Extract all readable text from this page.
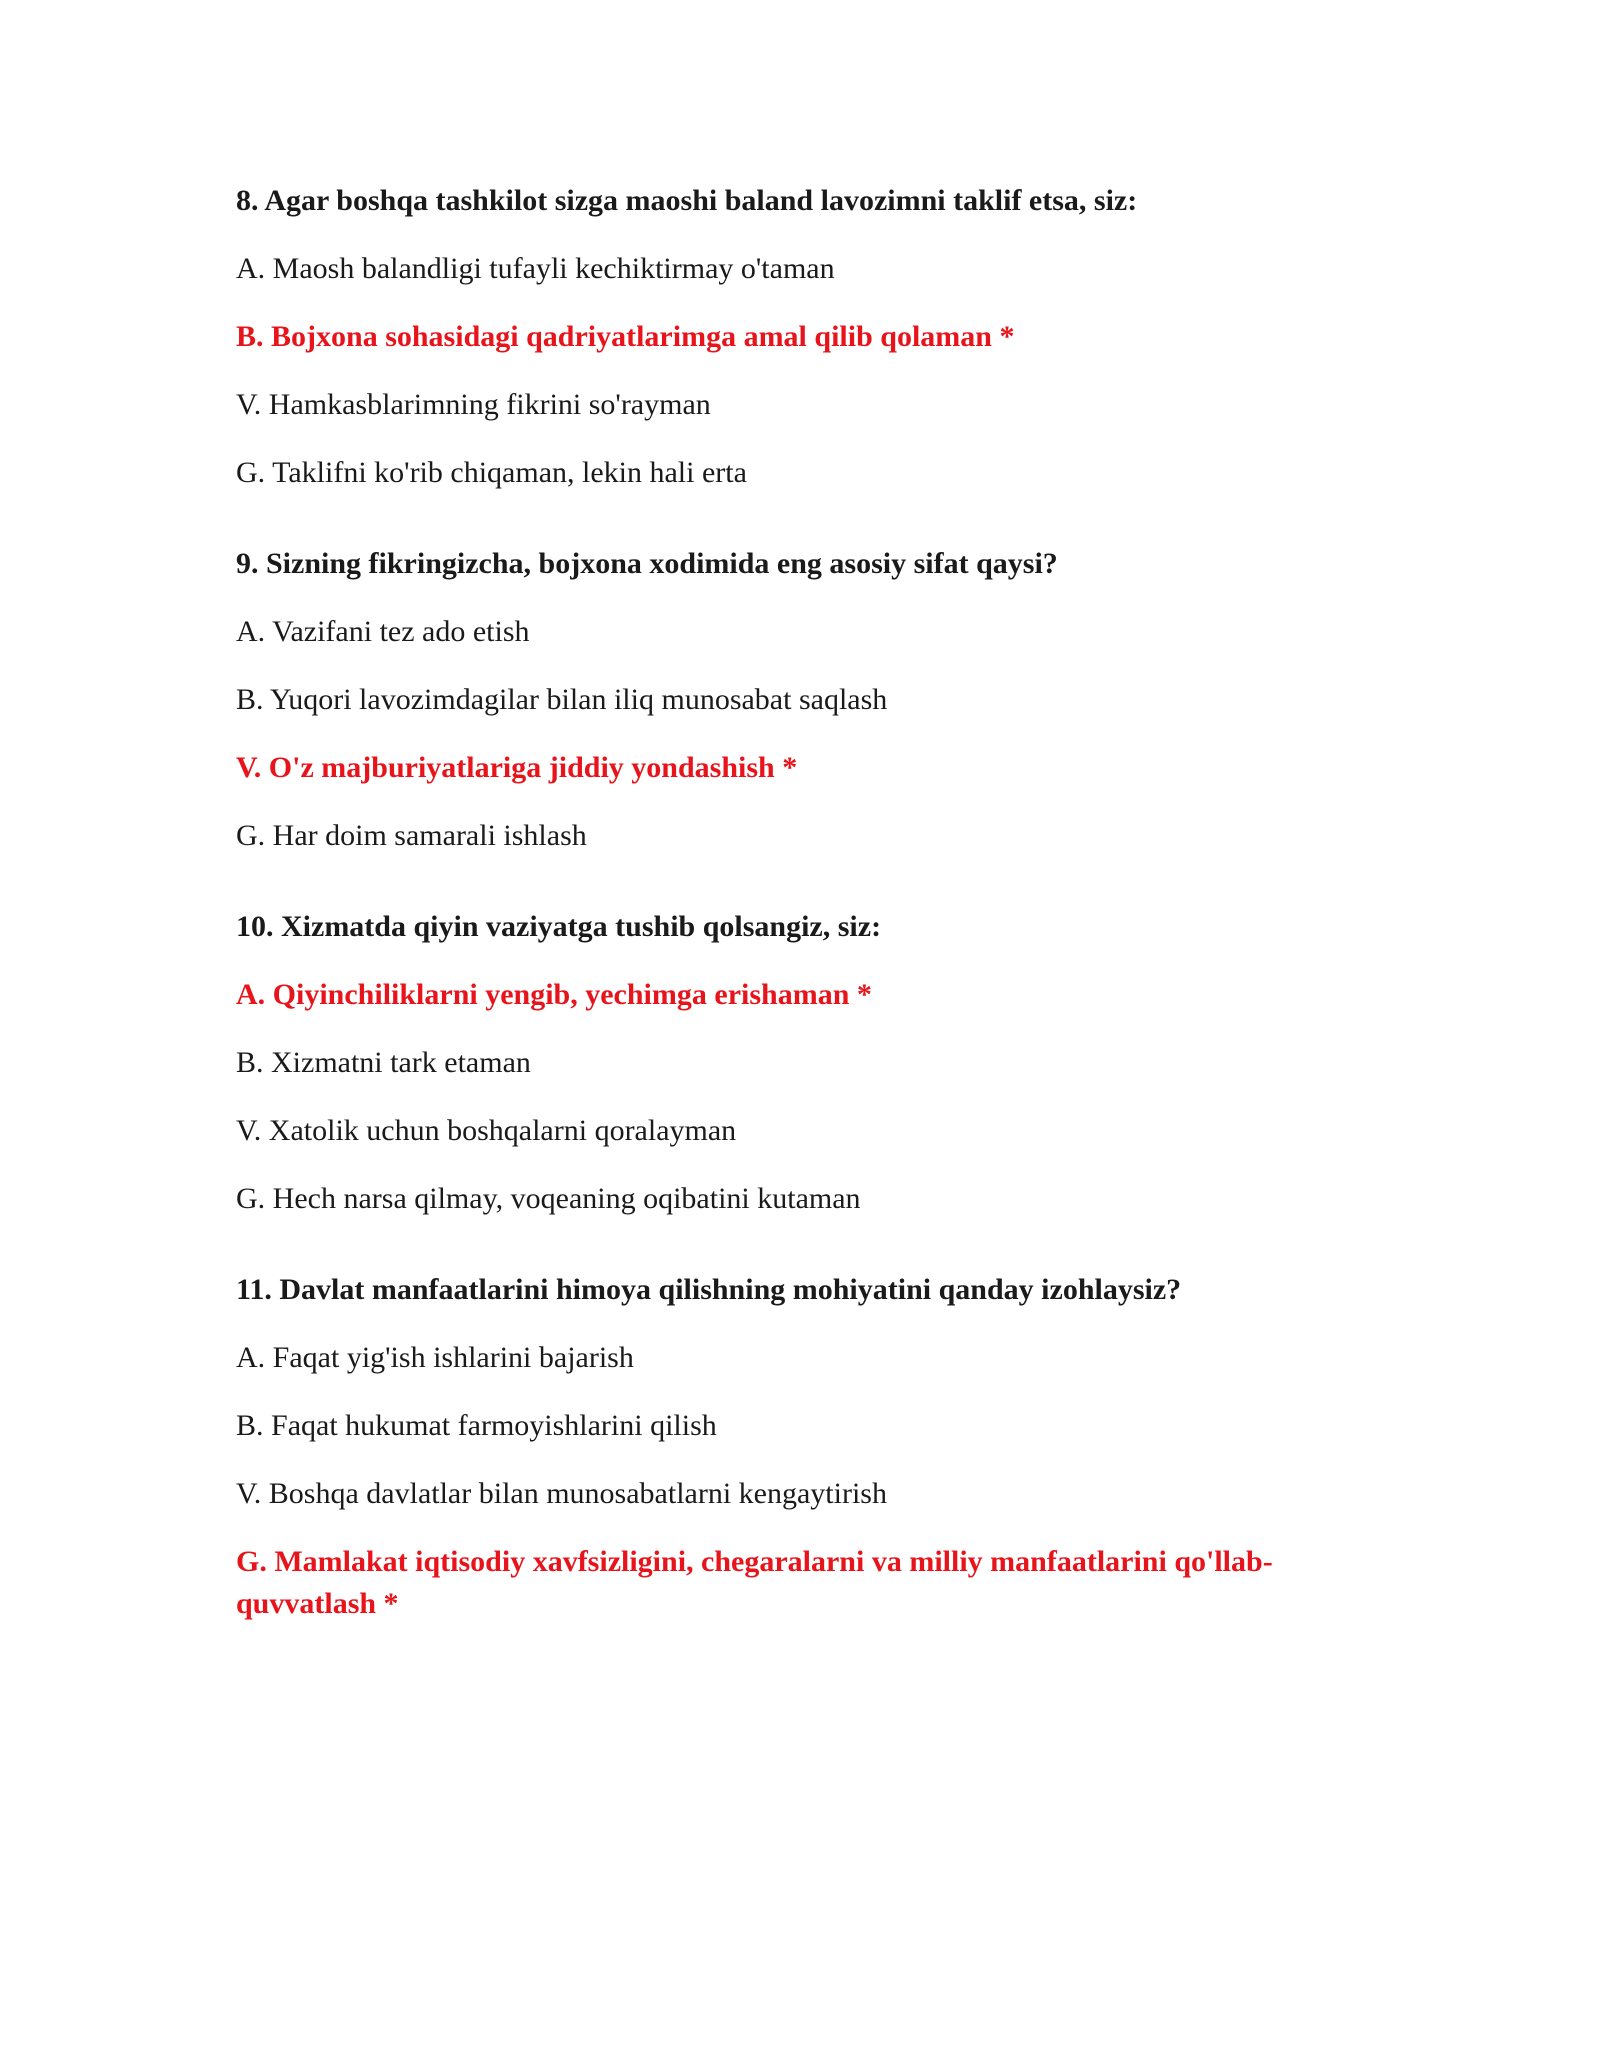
8. Agar boshqa tashkilot sizga maoshi baland lavozimni taklif etsa, siz:

A. Maosh balandligi tufayli kechiktirmay o'taman

B. Bojxona sohasidagi qadriyatlarimga amal qilib qolaman *

V. Hamkasblarimning fikrini so'rayman

G. Taklifni ko'rib chiqaman, lekin hali erta

9. Sizning fikringizcha, bojxona xodimida eng asosiy sifat qaysi?

A. Vazifani tez ado etish

B. Yuqori lavozimdagilar bilan iliq munosabat saqlash

V. O'z majburiyatlariga jiddiy yondashish *

G. Har doim samarali ishlash

10. Xizmatda qiyin vaziyatga tushib qolsangiz, siz:

A. Qiyinchiliklarni yengib, yechimga erishaman *

B. Xizmatni tark etaman

V. Xatolik uchun boshqalarni qoralayman

G. Hech narsa qilmay, voqeaning oqibatini kutaman

11. Davlat manfaatlarini himoya qilishning mohiyatini qanday izohlaysiz?

A. Faqat yig'ish ishlarini bajarish

B. Faqat hukumat farmoyishlarini qilish

V. Boshqa davlatlar bilan munosabatlarni kengaytirish

G. Mamlakat iqtisodiy xavfsizligini, chegaralarni va milliy manfaatlarini qo'llab-quvvatlash *
